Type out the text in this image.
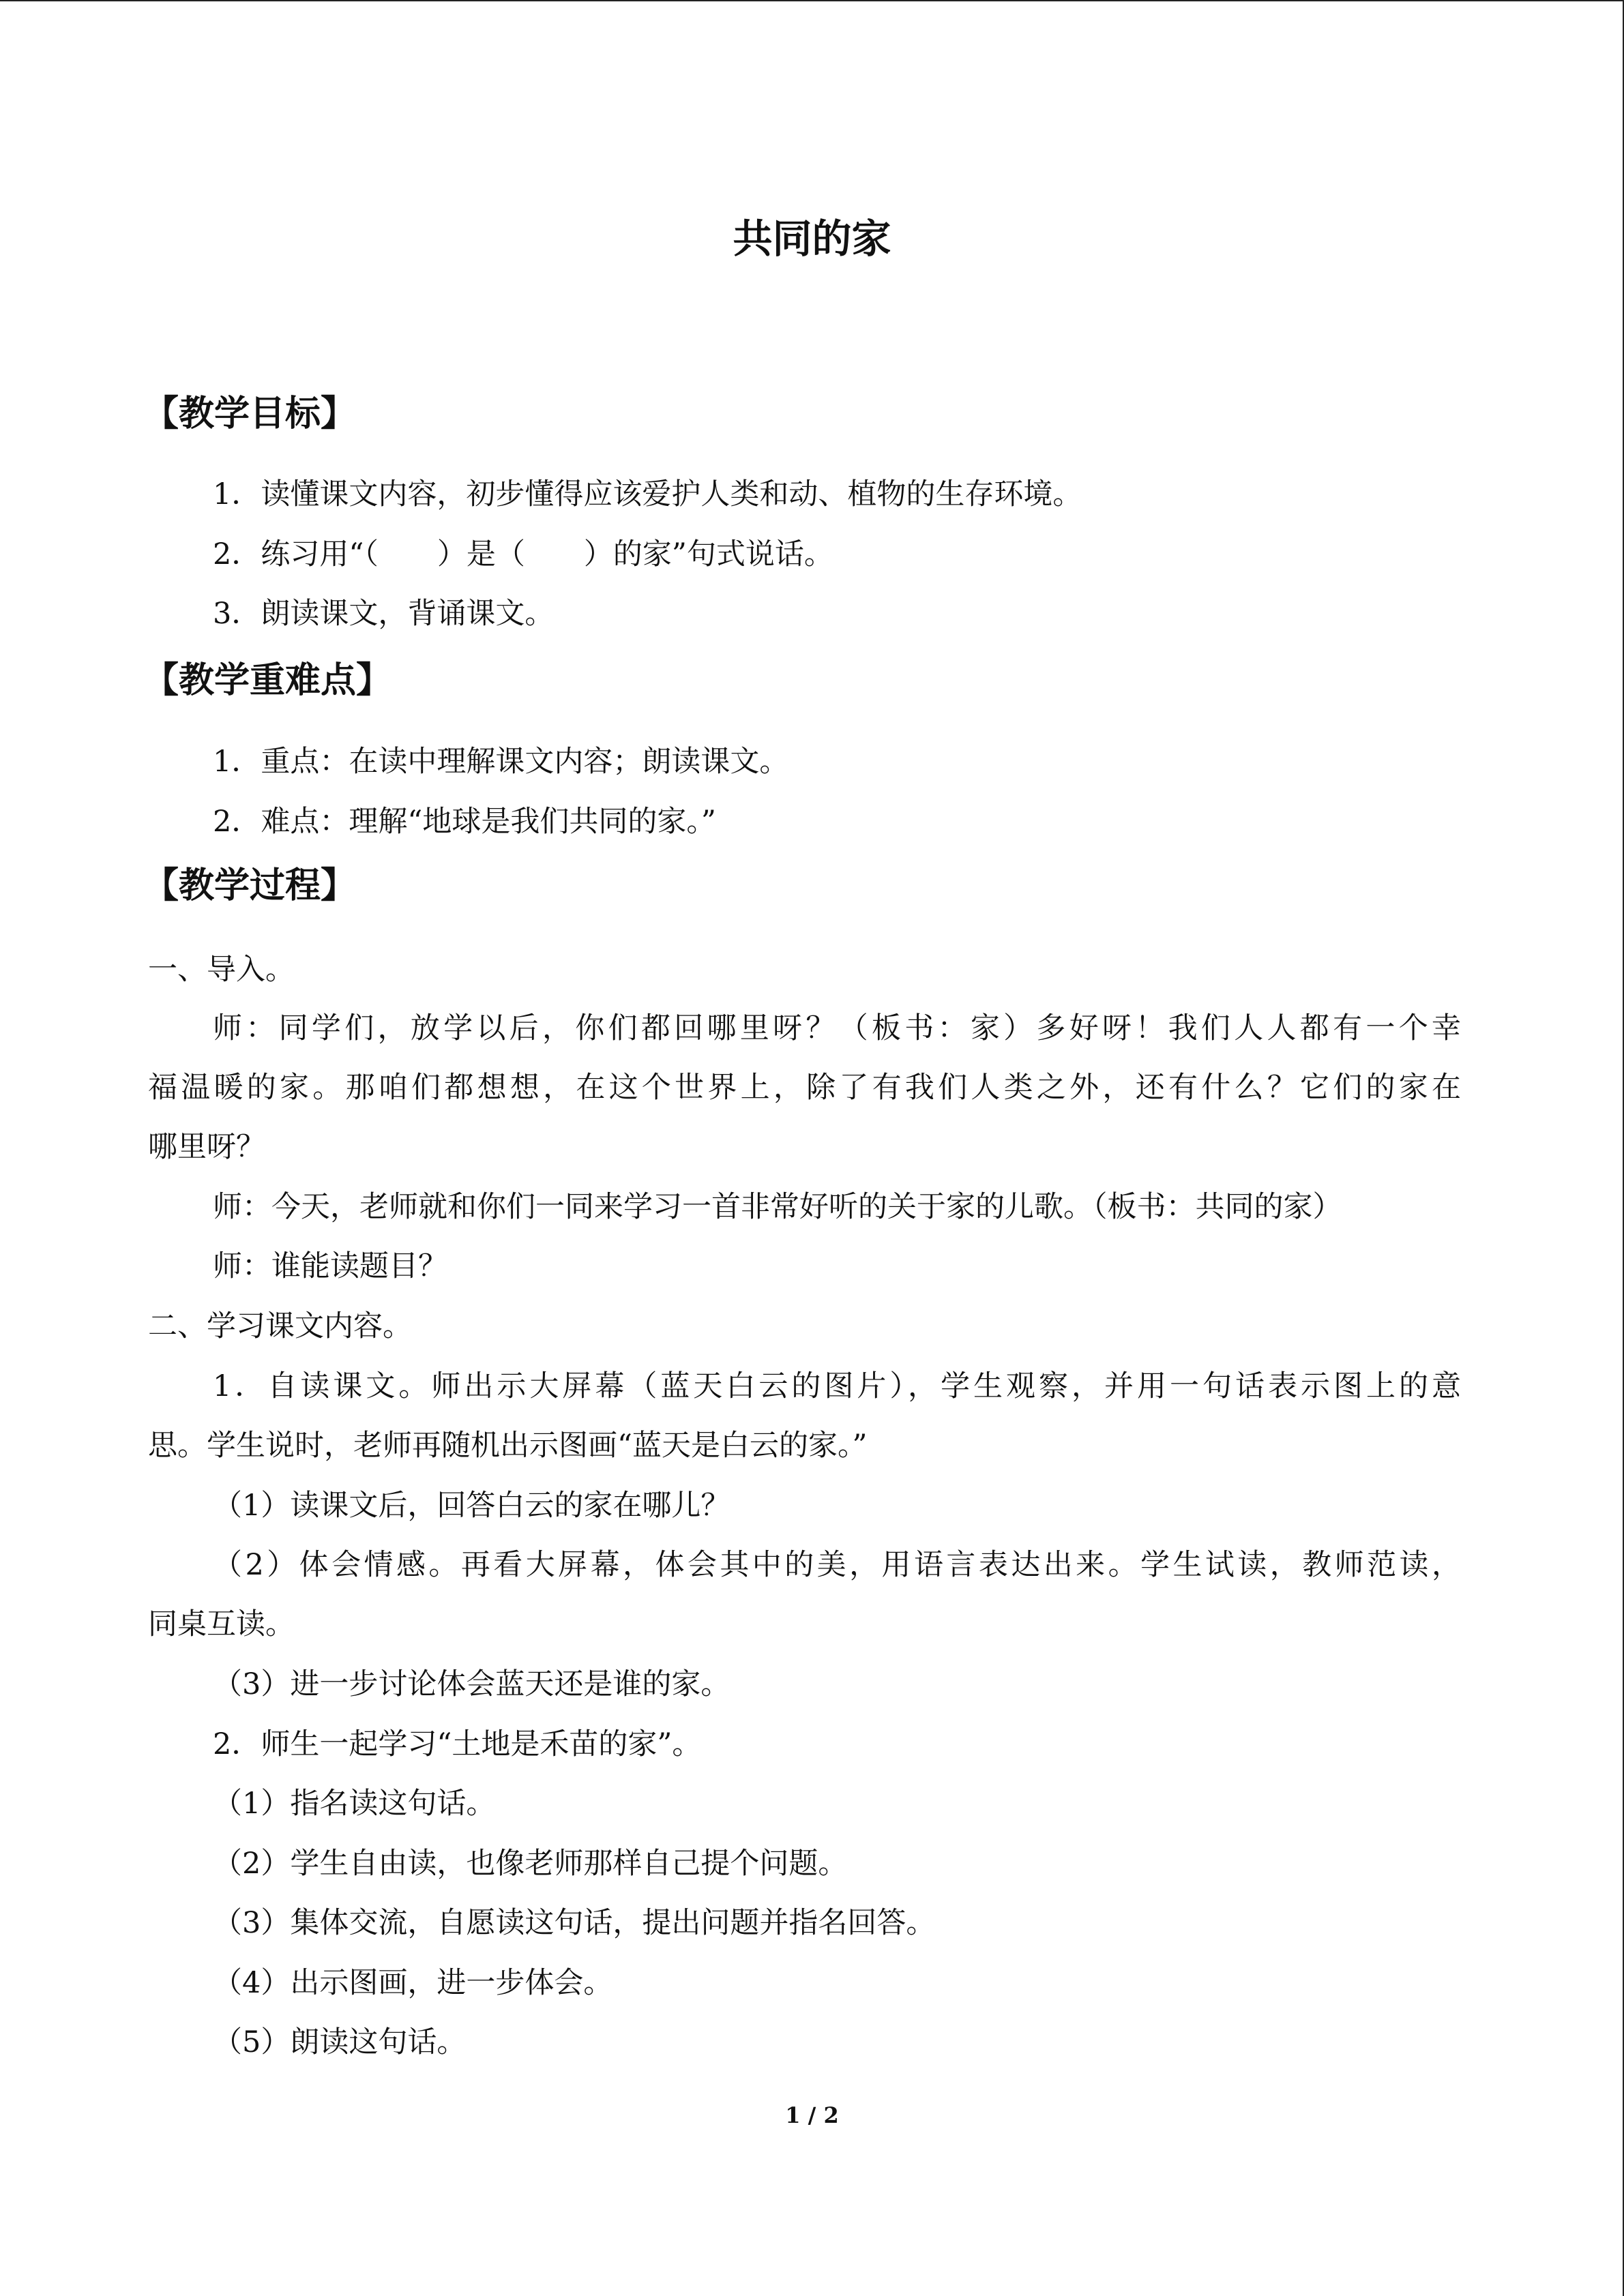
共同的家
【教学目标】
1．读懂课文内容，初步懂得应该爱护人类和动、植物的生存环境。
2．练习用“（　　）是（　　）的家”句式说话。
3．朗读课文，背诵课文。
【教学重难点】
1．重点：在读中理解课文内容；朗读课文。
2．难点：理解“地球是我们共同的家。”
【教学过程】
一、导入。
师：同学们，放学以后，你们都回哪里呀？（板书：家）多好呀！我们人人都有一个幸
福温暖的家。那咱们都想想，在这个世界上，除了有我们人类之外，还有什么？它们的家在
哪里呀？
师：今天，老师就和你们一同来学习一首非常好听的关于家的儿歌。（板书：共同的家）
师：谁能读题目？
二、学习课文内容。
1．自读课文。师出示大屏幕（蓝天白云的图片），学生观察，并用一句话表示图上的意
思。学生说时，老师再随机出示图画“蓝天是白云的家。”
（1）读课文后，回答白云的家在哪儿？
（2）体会情感。再看大屏幕，体会其中的美，用语言表达出来。学生试读，教师范读，
同桌互读。
（3）进一步讨论体会蓝天还是谁的家。
2．师生一起学习“土地是禾苗的家”。
（1）指名读这句话。
（2）学生自由读，也像老师那样自己提个问题。
（3）集体交流，自愿读这句话，提出问题并指名回答。
（4）出示图画，进一步体会。
（5）朗读这句话。
1 / 2
